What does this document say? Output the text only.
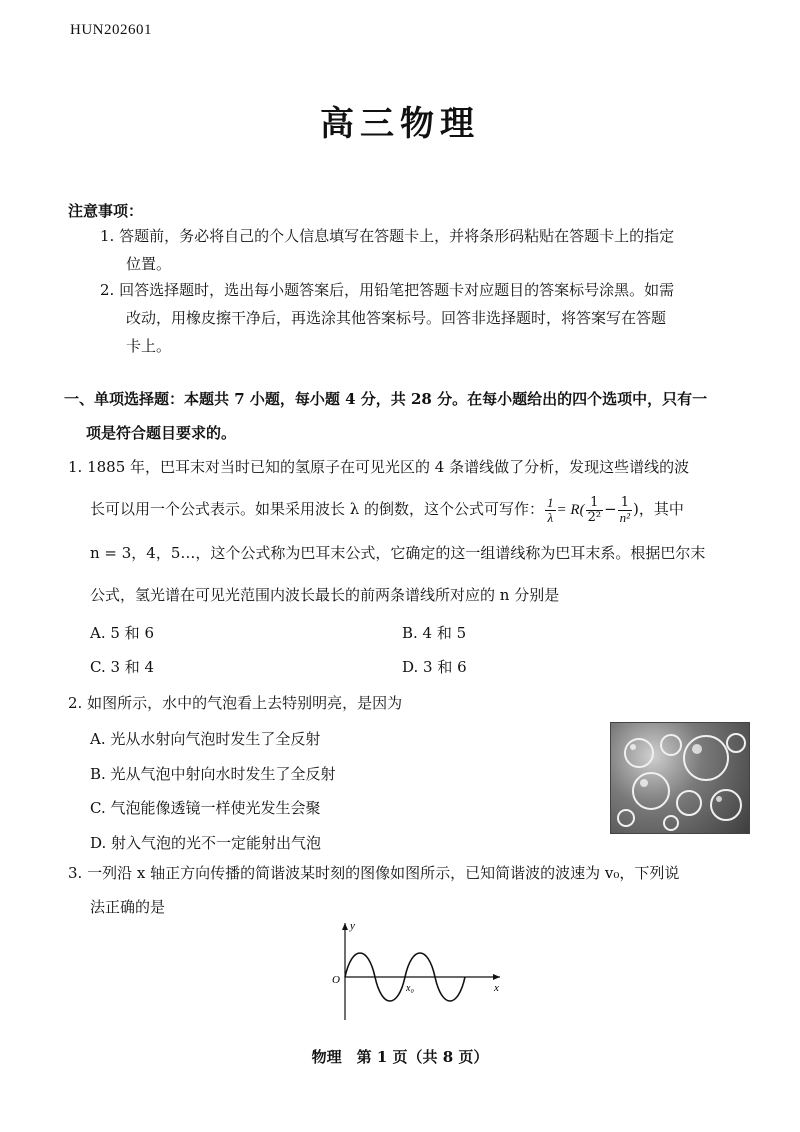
HUN202601
高三物理
注意事项：
1. 答题前，务必将自己的个人信息填写在答题卡上，并将条形码粘贴在答题卡上的指定
位置。
2. 回答选择题时，选出每小题答案后，用铅笔把答题卡对应题目的答案标号涂黑。如需
改动，用橡皮擦干净后，再选涂其他答案标号。回答非选择题时，将答案写在答题
卡上。
一、单项选择题：本题共 7 小题，每小题 4 分，共 28 分。在每小题给出的四个选项中，只有一
项是符合题目要求的。
1. 1885 年，巴耳末对当时已知的氢原子在可见光区的 4 条谱线做了分析，发现这些谱线的波
长可以用一个公式表示。如果采用波长 λ 的倒数，这个公式可写作： $\frac{1}{\lambda} = R( \frac{1}{\text{2²}} - \frac{1}{\text{n²}}$ )，其中
n = 3，4，5…，这个公式称为巴耳末公式，它确定的这一组谱线称为巴耳末系。根据巴尔末
公式，氢光谱在可见光范围内波长最长的前两条谱线所对应的 n 分别是
A. 5 和 6	B. 4 和 5
C. 3 和 4	D. 3 和 6
2. 如图所示，水中的气泡看上去特别明亮，是因为
A. 光从水射向气泡时发生了全反射
B. 光从气泡中射向水时发生了全反射
C. 气泡能像透镜一样使光发生会聚
D. 射入气泡的光不一定能射出气泡
3. 一列沿 x 轴正方向传播的简谐波某时刻的图像如图所示，已知简谐波的波速为 v₀，下列说
法正确的是
y
x
O
x₀
物理　第 1 页（共 8 页）
